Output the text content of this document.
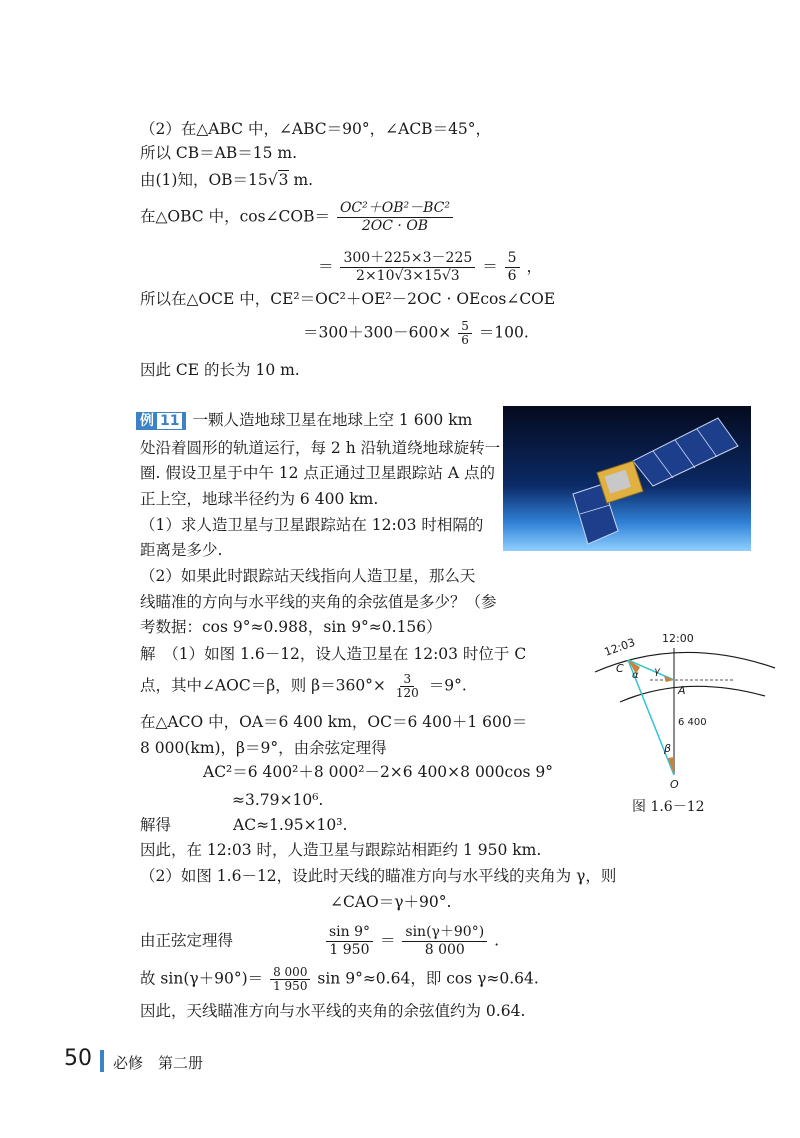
（2）在△ABC 中，∠ABC＝90°，∠ACB＝45°，
所以 CB＝AB＝15 m.
由(1)知，OB＝15√3 m.
在△OBC 中，cos∠COB＝ $\frac{\text{OC²＋OB²－BC²}}{2OC \cdot OB}$
＝ $\frac{300+225\times 3-225}{2\times 10√3\times 15√3} = \frac{5}{6}$ ，
所以在△OCE 中，CE²＝OC²＋OE²－2OC · OEcos∠COE
$=300+300-600\times \frac{5}{6} =100$.
因此 CE 的长为 10 m.
例 11 一颗人造地球卫星在地球上空 1 600 km
处沿着圆形的轨道运行，每 2 h 沿轨道绕地球旋转一
圈. 假设卫星于中午 12 点正通过卫星跟踪站 A 点的
正上空，地球半径约为 6 400 km.
（1）求人造卫星与卫星跟踪站在 12:03 时相隔的
距离是多少.
（2）如果此时跟踪站天线指向人造卫星，那么天
线瞄准的方向与水平线的夹角的余弦值是多少？（参
考数据：cos 9°≈0.988，sin 9°≈0.156）
解　（1）如图 1.6－12，设人造卫星在 12:03 时位于 C
点，其中∠AOC＝β，则 $\beta=360^\circ\times \frac{3}{120} =9^\circ$.
在△ACO 中，OA＝6 400 km，OC＝6 400＋1 600＝
8 000(km)，β＝9°，由余弦定理得
AC²＝6 400²＋8 000²－2×6 400×8 000cos 9°
≈3.79×10⁶.
解得	AC≈1.95×10³.
因此，在 12:03 时，人造卫星与跟踪站相距约 1 950 km.
（2）如图 1.6－12，设此时天线的瞄准方向与水平线的夹角为 γ，则
∠CAO＝γ＋90°.
由正弦定理得	$\frac{\sin 9^\circ}{1 950} = \frac{\sin(\gamma+90^\circ)}{8 000}$ .
故 $\sin(\gamma+90^\circ)= \frac{8 000}{1 950}$ sin 9°≈0.64，即 cos γ≈0.64.
因此，天线瞄准方向与水平线的夹角的余弦值约为 0.64.
12:03 12:00
C
α γ
A
6 400
β
O
图 1.6－12
50 必修　第二册
